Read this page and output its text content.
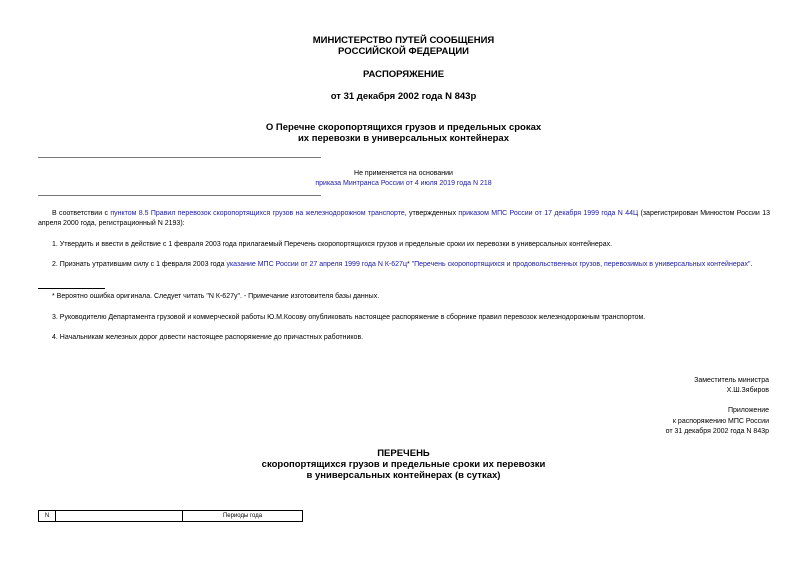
МИНИСТЕРСТВО ПУТЕЙ СООБЩЕНИЯ
РОССИЙСКОЙ ФЕДЕРАЦИИ
РАСПОРЯЖЕНИЕ
от 31 декабря 2002 года N 843р
О Перечне скоропортящихся грузов и предельных сроках
их перевозки в универсальных контейнерах
Не применяется на основании
приказа Минтранса России от 4 июля 2019 года N 218
В соответствии с пунктом 8.5 Правил перевозок скоропортящихся грузов на железнодорожном транспорте, утвержденных приказом МПС России от 17 декабря 1999 года N 44Ц (зарегистрирован Минюстом России 13 апреля 2000 года, регистрационный N 2193):
1. Утвердить и ввести в действие с 1 февраля 2003 года прилагаемый Перечень скоропортящихся грузов и предельные сроки их перевозки в универсальных контейнерах.
2. Признать утратившим силу с 1 февраля 2003 года указание МПС России от 27 апреля 1999 года N К-627ц* "Перечень скоропортящихся и продовольственных грузов, перевозимых в универсальных контейнерах".
* Вероятно ошибка оригинала. Следует читать "N К-627у". - Примечание изготовителя базы данных.
3. Руководителю Департамента грузовой и коммерческой работы Ю.М.Косову опубликовать настоящее распоряжение в сборнике правил перевозок железнодорожным транспортом.
4. Начальникам железных дорог довести настоящее распоряжение до причастных работников.
Заместитель министра
Х.Ш.Зябиров
Приложение
к распоряжению МПС России
от 31 декабря 2002 года N 843р
ПЕРЕЧЕНЬ
скоропортящихся грузов и предельные сроки их перевозки
в универсальных контейнерах (в сутках)
N		Периоды года
